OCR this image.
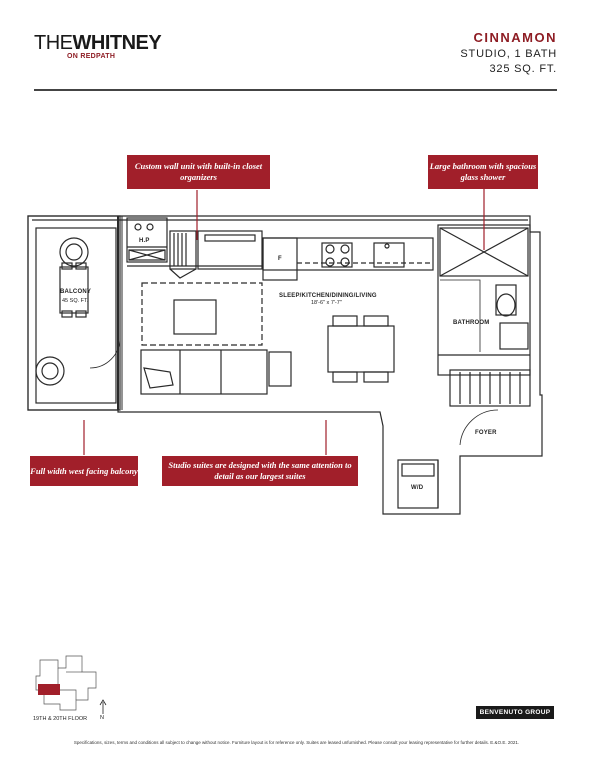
THEWHITNEY
ON REDPATH
CINNAMON
STUDIO, 1 BATH
325 SQ. FT.
Custom wall unit with built-in closet organizers
Large bathroom with spacious glass shower
Full width west facing balcony
Studio suites are designed with the same attention to detail as our largest suites
BALCONY
45 SQ. FT.
SLEEP/KITCHEN/DINING/LIVING
18'-6" x 7'-7"
BATHROOM
FOYER
W/D
H.P
F
19TH & 20TH FLOOR N
BENVENUTO GROUP
Specifications, sizes, terms and conditions all subject to change without notice. Furniture layout is for reference only. Suites are leased unfurnished. Please consult your leasing representative for further details. E.&O.E. 2021.
